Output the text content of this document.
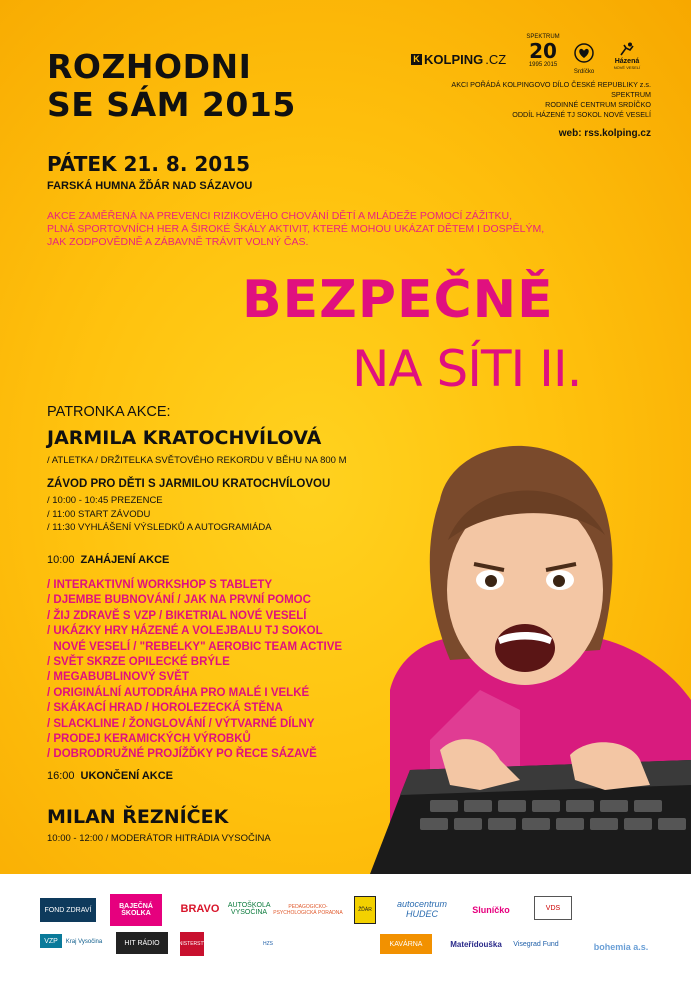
ROZHODNI
SE SÁM 2015
PÁTEK 21. 8. 2015
FARSKÁ HUMNA ŽĎÁR NAD SÁZAVOU
AKCE ZAMĚŘENÁ NA PREVENCI RIZIKOVÉHO CHOVÁNÍ DĚTÍ A MLÁDEŽE POMOCÍ ZÁŽITKU,
PLNÁ SPORTOVNÍCH HER A ŠIROKÉ ŠKÁLY AKTIVIT, KTERÉ MOHOU UKÁZAT DĚTEM I DOSPĚLÝM,
JAK ZODPOVĚDNĚ A ZÁBAVNĚ TRÁVIT VOLNÝ ČAS.
BEZPEČNĚ
NA SÍTI II.
K KOLPING .CZ
SPEKTRUM
20
1995 2015
Srdíčko
Házená
NOVÉ VESELÍ
AKCI POŘÁDÁ KOLPINGOVO DÍLO ČESKÉ REPUBLIKY z.s.
SPEKTRUM
RODINNÉ CENTRUM SRDÍČKO
ODDÍL HÁZENÉ TJ SOKOL NOVÉ VESELÍ
web: rss.kolping.cz
PATRONKA AKCE:
JARMILA KRATOCHVÍLOVÁ
/ ATLETKA / DRŽITELKA SVĚTOVÉHO REKORDU V BĚHU NA 800 M
ZÁVOD PRO DĚTI S JARMILOU KRATOCHVÍLOVOU
/ 10:00 - 10:45 PREZENCE
/ 11:00 START ZÁVODU
/ 11:30 VYHLÁŠENÍ VÝSLEDKŮ A AUTOGRAMIÁDA
10:00 ZAHÁJENÍ AKCE
/ INTERAKTIVNÍ WORKSHOP S TABLETY
/ DJEMBE BUBNOVÁNÍ / JAK NA PRVNÍ POMOC
/ ŽIJ ZDRAVĚ S VZP / BIKETRIAL NOVÉ VESELÍ
/ UKÁZKY HRY HÁZENÉ A VOLEJBALU TJ SOKOL
NOVÉ VESELÍ / "REBELKY" AEROBIC TEAM ACTIVE
/ SVĚT SKRZE OPILECKÉ BRÝLE
/ MEGABUBLINOVÝ SVĚT
/ ORIGINÁLNÍ AUTODRÁHA PRO MALÉ I VELKÉ
/ SKÁKACÍ HRAD / HOROLEZECKÁ STĚNA
/ SLACKLINE / ŽONGLOVÁNÍ / VÝTVARNÉ DÍLNY
/ PRODEJ KERAMICKÝCH VÝROBKŮ
/ DOBRODRUŽNÉ PROJÍŽĎKY PO ŘECE SÁZAVĚ
16:00 UKONČENÍ AKCE
MILAN ŘEZNÍČEK
10:00 - 12:00 / MODERÁTOR HITRÁDIA VYSOČINA
FOND ZDRAVÍ	BAJEČNÁ ŠKOLKA	BRAVO	AUTOŠKOLA VYSOČINA
PEDAGOGICKO-PSYCHOLOGICKÁ PORADNA	ŽĎÁR
autocentrum HUDEC	Sluníčko	VDS
VZP	Kraj Vysočina	HIT RÁDIO	MINISTERSTVO	HZS	KAVÁRNA	Mateřídouška	Visegrad Fund	bohemia a.s.
